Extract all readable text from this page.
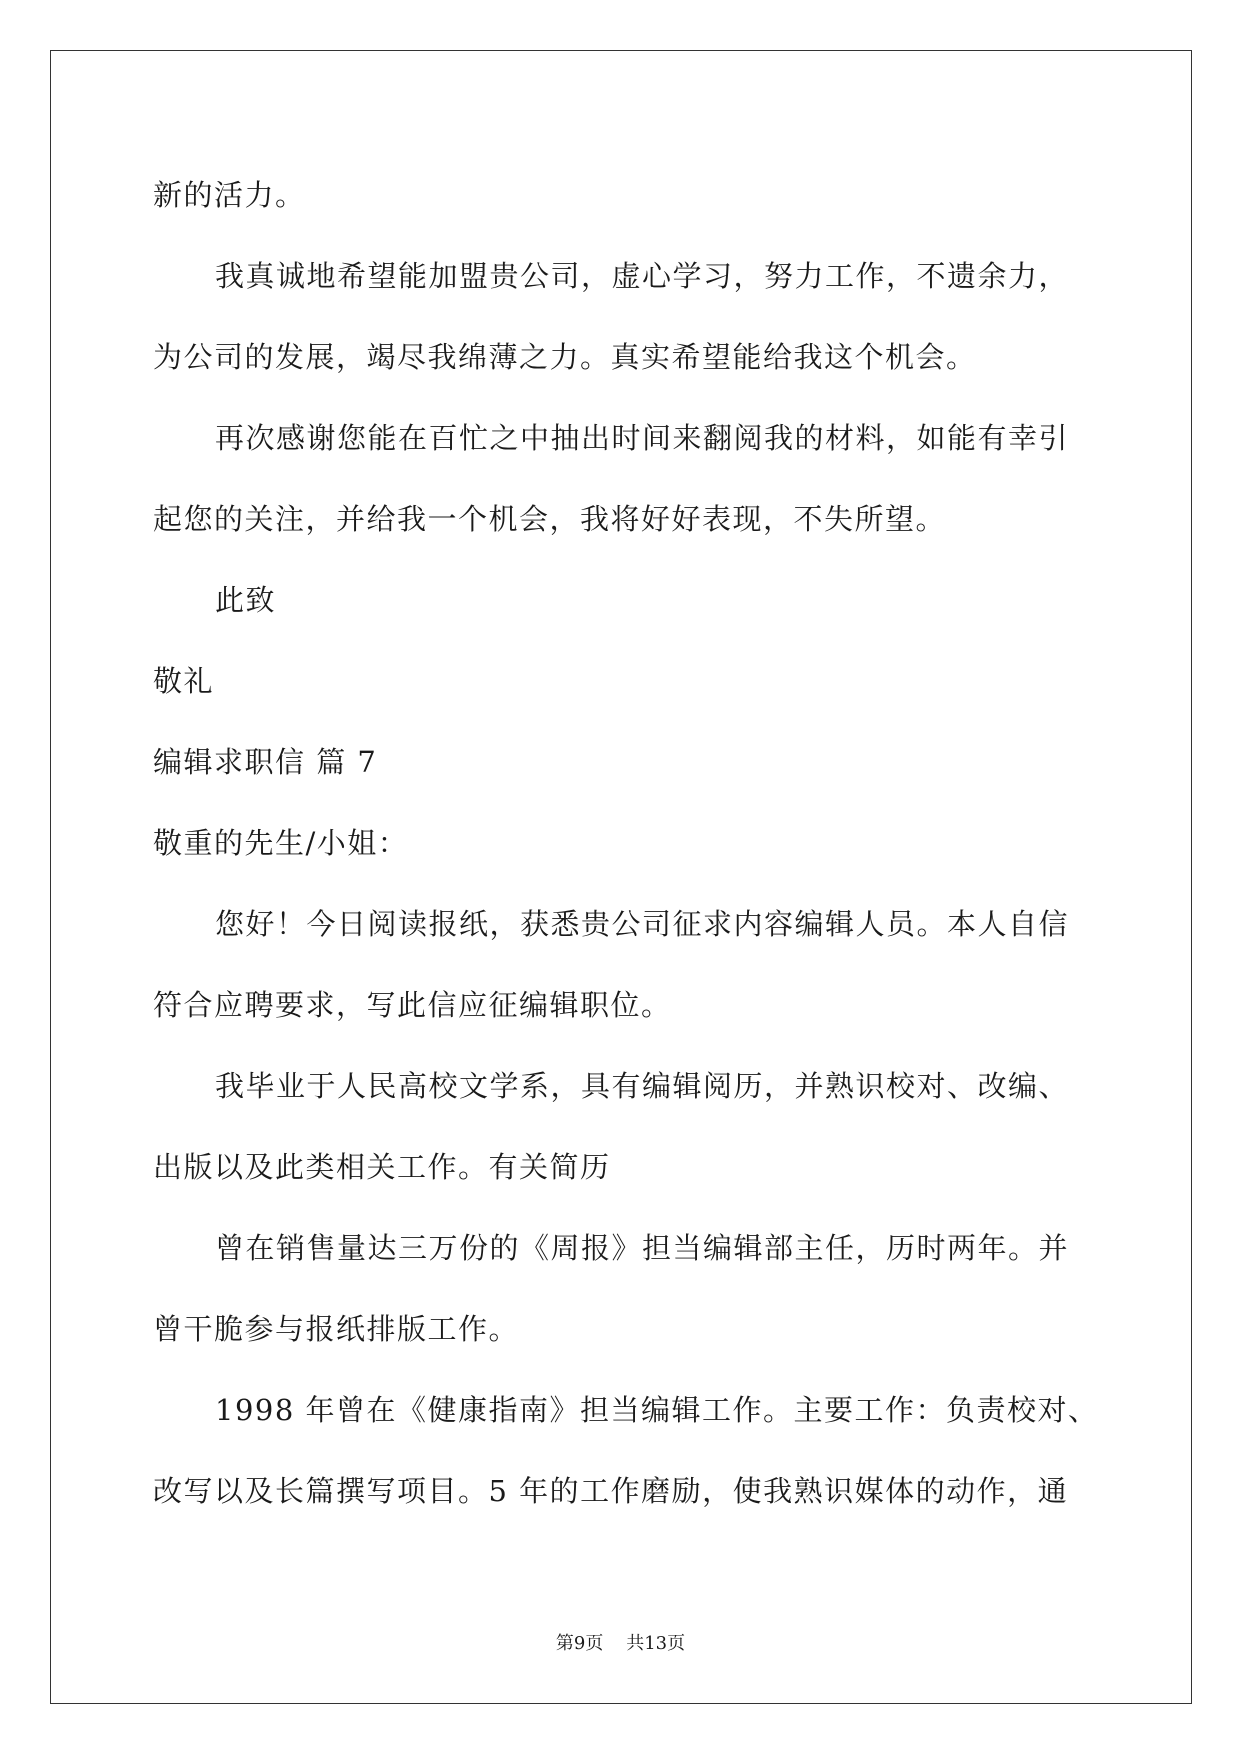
新的活力。
我真诚地希望能加盟贵公司，虚心学习，努力工作，不遗余力，
为公司的发展，竭尽我绵薄之力。真实希望能给我这个机会。
再次感谢您能在百忙之中抽出时间来翻阅我的材料，如能有幸引
起您的关注，并给我一个机会，我将好好表现，不失所望。
此致
敬礼
编辑求职信 篇 7
敬重的先生/小姐：
您好！今日阅读报纸，获悉贵公司征求内容编辑人员。本人自信
符合应聘要求，写此信应征编辑职位。
我毕业于人民高校文学系，具有编辑阅历，并熟识校对、改编、
出版以及此类相关工作。有关简历
曾在销售量达三万份的《周报》担当编辑部主任，历时两年。并
曾干脆参与报纸排版工作。
1998 年曾在《健康指南》担当编辑工作。主要工作：负责校对、
改写以及长篇撰写项目。5 年的工作磨励，使我熟识媒体的动作，通
第9页 共13页
